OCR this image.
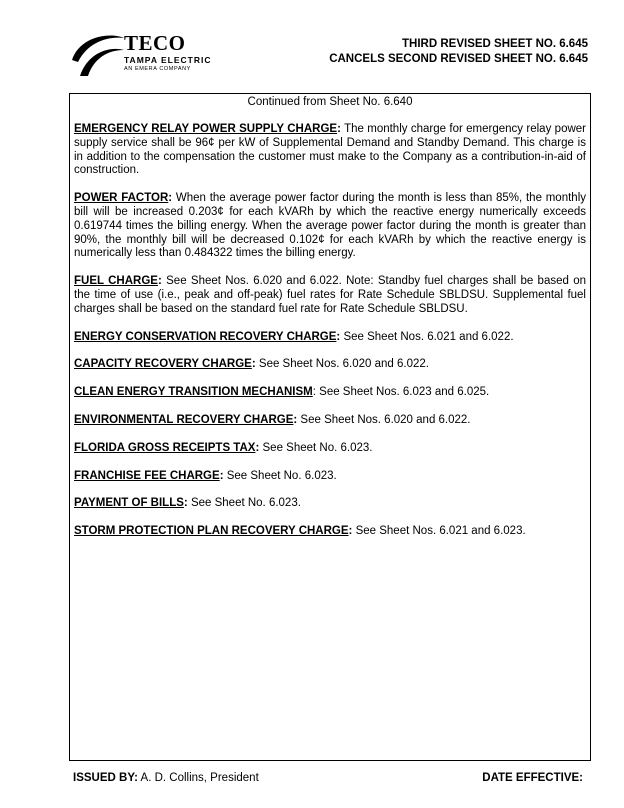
TECO
TAMPA ELECTRIC
AN EMERA COMPANY
THIRD REVISED SHEET NO. 6.645
CANCELS SECOND REVISED SHEET NO. 6.645
Continued from Sheet No. 6.640

EMERGENCY RELAY POWER SUPPLY CHARGE: The monthly charge for emergency relay power supply service shall be 96¢ per kW of Supplemental Demand and Standby Demand. This charge is in addition to the compensation the customer must make to the Company as a contribution-in-aid of construction.

POWER FACTOR: When the average power factor during the month is less than 85%, the monthly bill will be increased 0.203¢ for each kVARh by which the reactive energy numerically exceeds 0.619744 times the billing energy. When the average power factor during the month is greater than 90%, the monthly bill will be decreased 0.102¢ for each kVARh by which the reactive energy is numerically less than 0.484322 times the billing energy.

FUEL CHARGE: See Sheet Nos. 6.020 and 6.022. Note: Standby fuel charges shall be based on the time of use (i.e., peak and off-peak) fuel rates for Rate Schedule SBLDSU. Supplemental fuel charges shall be based on the standard fuel rate for Rate Schedule SBLDSU.

ENERGY CONSERVATION RECOVERY CHARGE: See Sheet Nos. 6.021 and 6.022.

CAPACITY RECOVERY CHARGE: See Sheet Nos. 6.020 and 6.022.

CLEAN ENERGY TRANSITION MECHANISM: See Sheet Nos. 6.023 and 6.025.

ENVIRONMENTAL RECOVERY CHARGE: See Sheet Nos. 6.020 and 6.022.

FLORIDA GROSS RECEIPTS TAX: See Sheet No. 6.023.

FRANCHISE FEE CHARGE: See Sheet No. 6.023.

PAYMENT OF BILLS: See Sheet No. 6.023.

STORM PROTECTION PLAN RECOVERY CHARGE: See Sheet Nos. 6.021 and 6.023.

ISSUED BY: A. D. Collins, President	DATE EFFECTIVE:
